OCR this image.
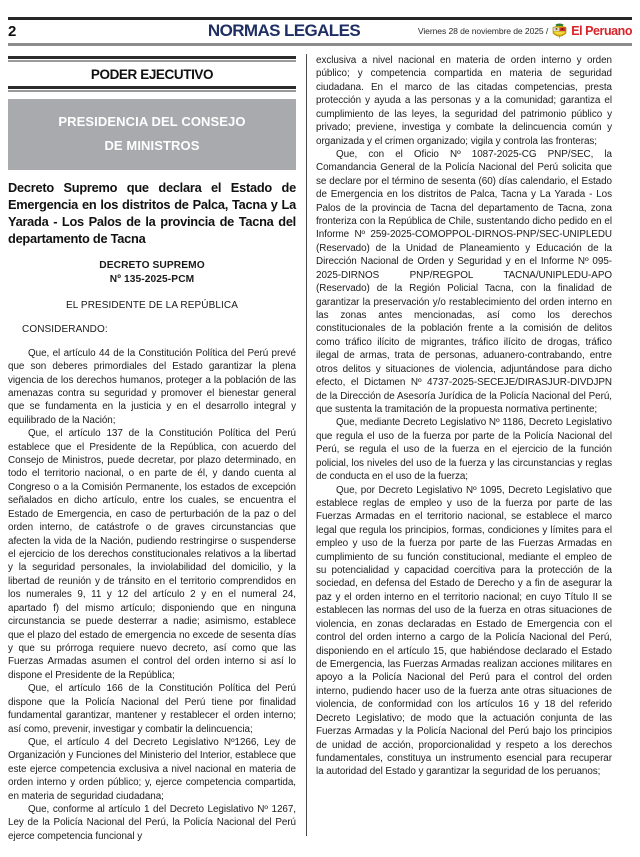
2	NORMAS LEGALES	Viernes 28 de noviembre de 2025 / El Peruano
PODER EJECUTIVO
PRESIDENCIA DEL CONSEJO
DE MINISTROS
Decreto Supremo que declara el Estado de Emergencia en los distritos de Palca, Tacna y La Yarada - Los Palos de la provincia de Tacna del departamento de Tacna
DECRETO SUPREMO
Nº 135-2025-PCM
EL PRESIDENTE DE LA REPÚBLICA
CONSIDERANDO:

Que, el artículo 44 de la Constitución Política del Perú prevé que son deberes primordiales del Estado garantizar la plena vigencia de los derechos humanos, proteger a la población de las amenazas contra su seguridad y promover el bienestar general que se fundamenta en la justicia y en el desarrollo integral y equilibrado de la Nación;

Que, el artículo 137 de la Constitución Política del Perú establece que el Presidente de la República, con acuerdo del Consejo de Ministros, puede decretar, por plazo determinado, en todo el territorio nacional, o en parte de él, y dando cuenta al Congreso o a la Comisión Permanente, los estados de excepción señalados en dicho artículo, entre los cuales, se encuentra el Estado de Emergencia, en caso de perturbación de la paz o del orden interno, de catástrofe o de graves circunstancias que afecten la vida de la Nación, pudiendo restringirse o suspenderse el ejercicio de los derechos constitucionales relativos a la libertad y la seguridad personales, la inviolabilidad del domicilio, y la libertad de reunión y de tránsito en el territorio comprendidos en los numerales 9, 11 y 12 del artículo 2 y en el numeral 24, apartado f) del mismo artículo; disponiendo que en ninguna circunstancia se puede desterrar a nadie; asimismo, establece que el plazo del estado de emergencia no excede de sesenta días y que su prórroga requiere nuevo decreto, así como que las Fuerzas Armadas asumen el control del orden interno si así lo dispone el Presidente de la República;

Que, el artículo 166 de la Constitución Política del Perú dispone que la Policía Nacional del Perú tiene por finalidad fundamental garantizar, mantener y restablecer el orden interno; así como, prevenir, investigar y combatir la delincuencia;

Que, el artículo 4 del Decreto Legislativo Nº1266, Ley de Organización y Funciones del Ministerio del Interior, establece que este ejerce competencia exclusiva a nivel nacional en materia de orden interno y orden público; y, ejerce competencia compartida, en materia de seguridad ciudadana;

Que, conforme al artículo 1 del Decreto Legislativo Nº 1267, Ley de la Policía Nacional del Perú, la Policía Nacional del Perú ejerce competencia funcional y

exclusiva a nivel nacional en materia de orden interno y orden público; y competencia compartida en materia de seguridad ciudadana. En el marco de las citadas competencias, presta protección y ayuda a las personas y a la comunidad; garantiza el cumplimiento de las leyes, la seguridad del patrimonio público y privado; previene, investiga y combate la delincuencia común y organizada y el crimen organizado; vigila y controla las fronteras;

Que, con el Oficio Nº 1087-2025-CG PNP/SEC, la Comandancia General de la Policía Nacional del Perú solicita que se declare por el término de sesenta (60) días calendario, el Estado de Emergencia en los distritos de Palca, Tacna y La Yarada - Los Palos de la provincia de Tacna del departamento de Tacna, zona fronteriza con la República de Chile, sustentando dicho pedido en el Informe Nº 259-2025-COMOPPOL-DIRNOS-PNP/SEC-UNIPLEDU (Reservado) de la Unidad de Planeamiento y Educación de la Dirección Nacional de Orden y Seguridad y en el Informe Nº 095-2025-DIRNOS PNP/REGPOL TACNA/UNIPLEDU-APO (Reservado) de la Región Policial Tacna, con la finalidad de garantizar la preservación y/o restablecimiento del orden interno en las zonas antes mencionadas, así como los derechos constitucionales de la población frente a la comisión de delitos como tráfico ilícito de migrantes, tráfico ilícito de drogas, tráfico ilegal de armas, trata de personas, aduanero-contrabando, entre otros delitos y situaciones de violencia, adjuntándose para dicho efecto, el Dictamen Nº 4737-2025-SECEJE/DIRASJUR-DIVDJPN de la Dirección de Asesoría Jurídica de la Policía Nacional del Perú, que sustenta la tramitación de la propuesta normativa pertinente;

Que, mediante Decreto Legislativo Nº 1186, Decreto Legislativo que regula el uso de la fuerza por parte de la Policía Nacional del Perú, se regula el uso de la fuerza en el ejercicio de la función policial, los niveles del uso de la fuerza y las circunstancias y reglas de conducta en el uso de la fuerza;

Que, por Decreto Legislativo Nº 1095, Decreto Legislativo que establece reglas de empleo y uso de la fuerza por parte de las Fuerzas Armadas en el territorio nacional, se establece el marco legal que regula los principios, formas, condiciones y límites para el empleo y uso de la fuerza por parte de las Fuerzas Armadas en cumplimiento de su función constitucional, mediante el empleo de su potencialidad y capacidad coercitiva para la protección de la sociedad, en defensa del Estado de Derecho y a fin de asegurar la paz y el orden interno en el territorio nacional; en cuyo Título II se establecen las normas del uso de la fuerza en otras situaciones de violencia, en zonas declaradas en Estado de Emergencia con el control del orden interno a cargo de la Policía Nacional del Perú, disponiendo en el artículo 15, que habiéndose declarado el Estado de Emergencia, las Fuerzas Armadas realizan acciones militares en apoyo a la Policía Nacional del Perú para el control del orden interno, pudiendo hacer uso de la fuerza ante otras situaciones de violencia, de conformidad con los artículos 16 y 18 del referido Decreto Legislativo; de modo que la actuación conjunta de las Fuerzas Armadas y la Policía Nacional del Perú bajo los principios de unidad de acción, proporcionalidad y respeto a los derechos fundamentales, constituya un instrumento esencial para recuperar la autoridad del Estado y garantizar la seguridad de los peruanos;
